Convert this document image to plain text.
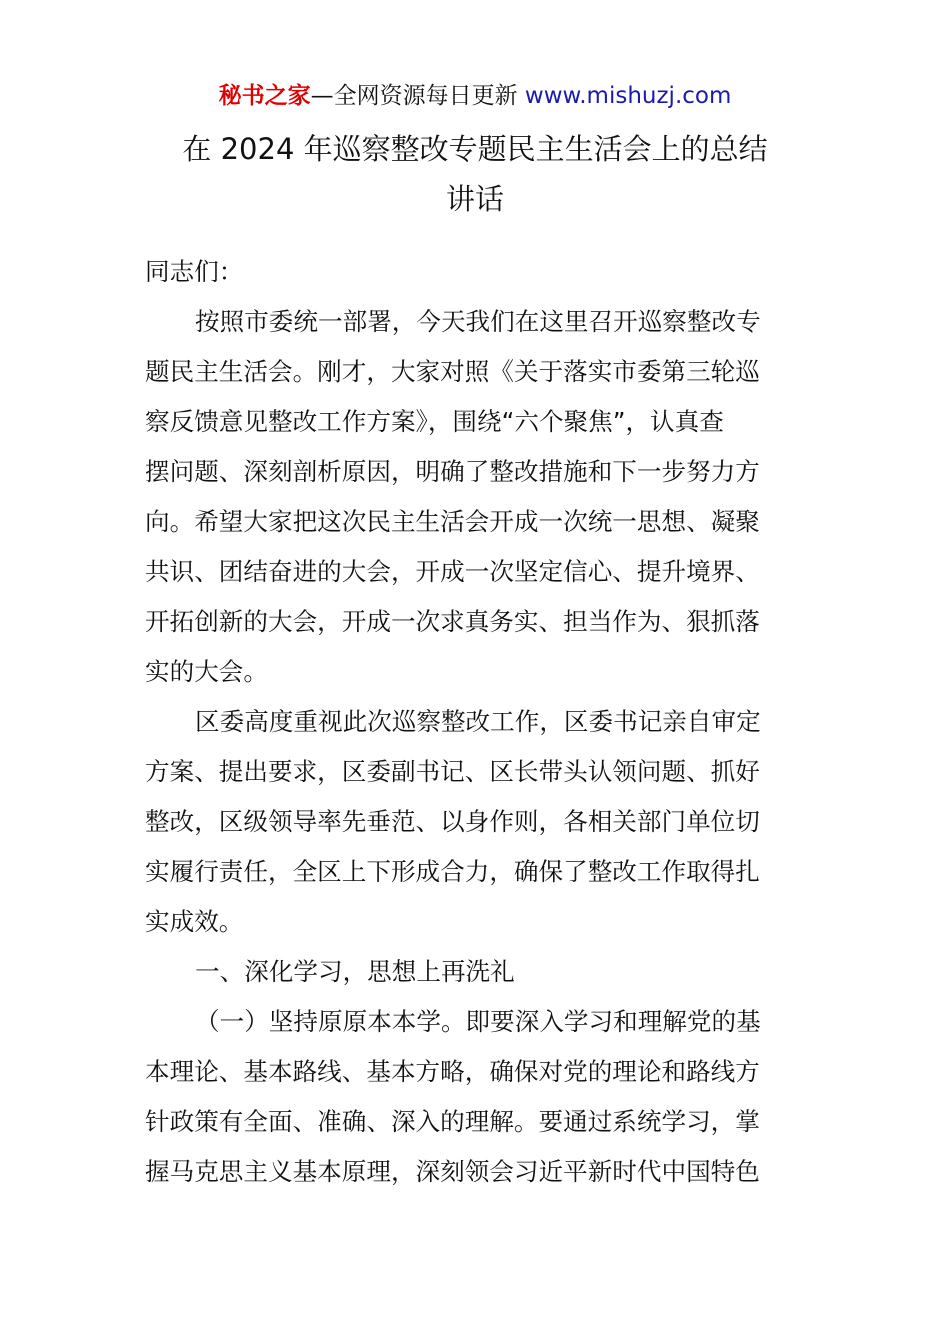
秘书之家—全网资源每日更新 www.mishuzj.com
在 2024 年巡察整改专题民主生活会上的总结
讲话
同志们：
按照市委统一部署，今天我们在这里召开巡察整改专
题民主生活会。刚才，大家对照《关于落实市委第三轮巡
察反馈意见整改工作方案》，围绕“六个聚焦”，认真查
摆问题、深刻剖析原因，明确了整改措施和下一步努力方
向。希望大家把这次民主生活会开成一次统一思想、凝聚
共识、团结奋进的大会，开成一次坚定信心、提升境界、
开拓创新的大会，开成一次求真务实、担当作为、狠抓落
实的大会。
区委高度重视此次巡察整改工作，区委书记亲自审定
方案、提出要求，区委副书记、区长带头认领问题、抓好
整改，区级领导率先垂范、以身作则，各相关部门单位切
实履行责任，全区上下形成合力，确保了整改工作取得扎
实成效。
一、深化学习，思想上再洗礼
（一）坚持原原本本学。即要深入学习和理解党的基
本理论、基本路线、基本方略，确保对党的理论和路线方
针政策有全面、准确、深入的理解。要通过系统学习，掌
握马克思主义基本原理，深刻领会习近平新时代中国特色
